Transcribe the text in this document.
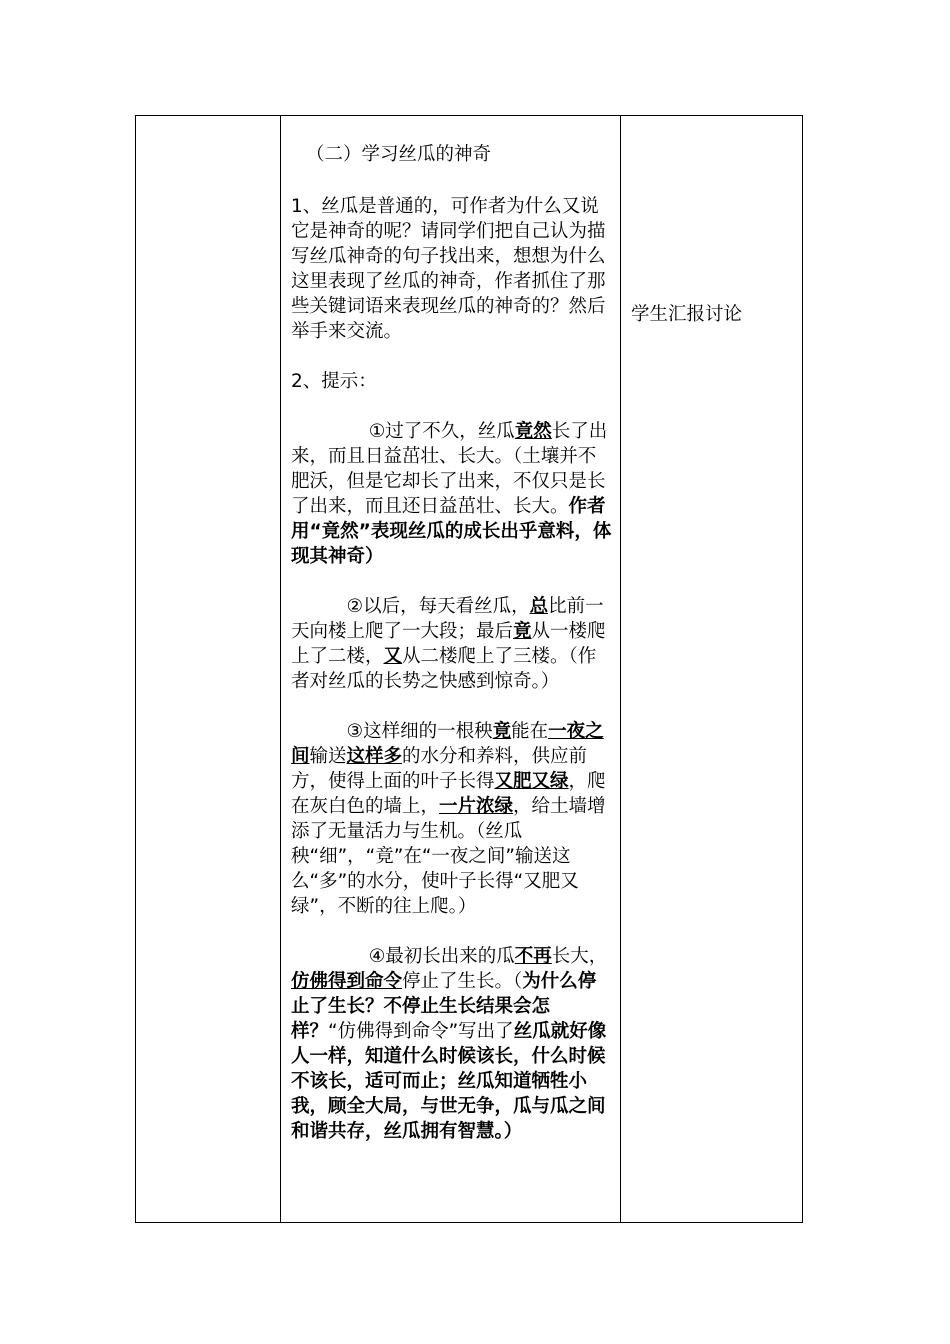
（二）学习丝瓜的神奇

1、丝瓜是普通的，可作者为什么又说它是神奇的呢？请同学们把自己认为描写丝瓜神奇的句子找出来，想想为什么这里表现了丝瓜的神奇，作者抓住了那些关键词语来表现丝瓜的神奇的？然后举手来交流。

2、提示：

①过了不久，丝瓜竟然长了出来，而且日益茁壮、长大。（土壤并不肥沃，但是它却长了出来，不仅只是长了出来，而且还日益茁壮、长大。作者用“竟然”表现丝瓜的成长出乎意料，体现其神奇）

②以后，每天看丝瓜，总比前一天向楼上爬了一大段；最后竟从一楼爬上了二楼，又从二楼爬上了三楼。（作者对丝瓜的长势之快感到惊奇。）

③这样细的一根秧竟能在一夜之间输送这样多的水分和养料，供应前方，使得上面的叶子长得又肥又绿，爬在灰白色的墙上，一片浓绿，给土墙增添了无量活力与生机。（丝瓜秧“细”，“竟”在“一夜之间”输送这么“多”的水分，使叶子长得“又肥又绿”，不断的往上爬。）

④最初长出来的瓜不再长大，仿佛得到命令停止了生长。（为什么停止了生长？不停止生长结果会怎样？“仿佛得到命令”写出了丝瓜就好像人一样，知道什么时候该长，什么时候不该长，适可而止；丝瓜知道牺牲小我，顾全大局，与世无争，瓜与瓜之间和谐共存，丝瓜拥有智慧。）

学生汇报讨论
